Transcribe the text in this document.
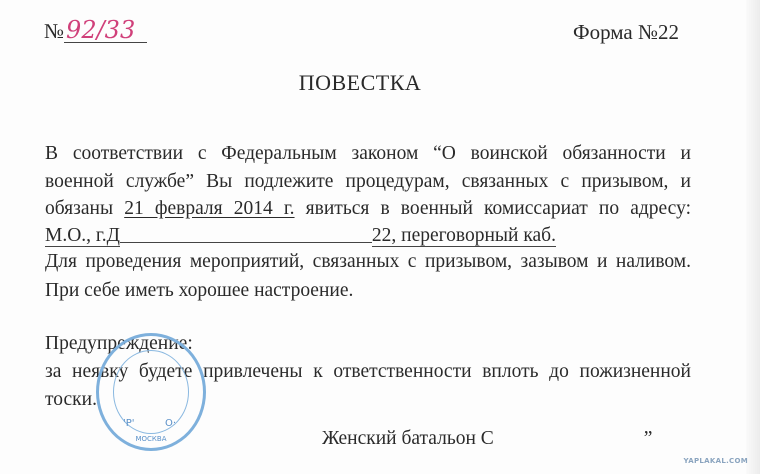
№92/33	Форма №22
ПОВЕСТКА
В соответствии с Федеральным законом “О воинской обязанности и
военной службе” Вы подлежите процедурам, связанных с призывом, и
обязаны 21 февраля 2014 г. явиться в военный комиссариат по адресу:
М.О., г.Д	22, переговорный каб.
Для проведения мероприятий, связанных с призывом, зазывом и наливом.
При себе иметь хорошее настроение.
Предупреждение:
за неявку будете привлечены к ответственности вплоть до пожизненной
тоски.
Женский батальон С	”
'Р'	О·
МОСКВА
YAPLAKAL.COM
